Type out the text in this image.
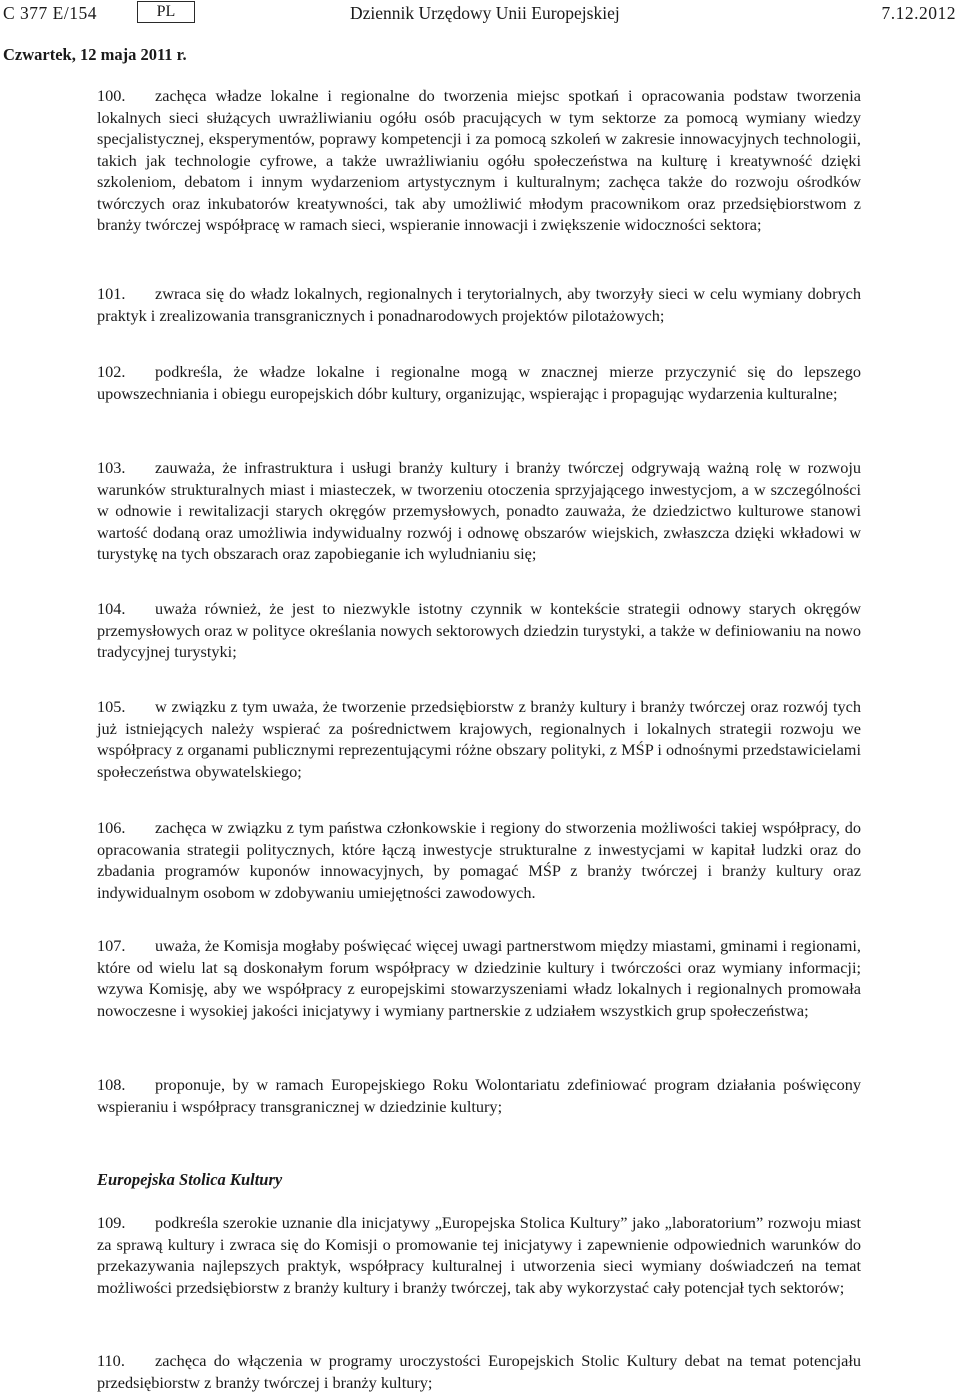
C 377 E/154	PL	Dziennik Urzędowy Unii Europejskiej	7.12.2012
Czwartek, 12 maja 2011 r.

100. zachęca władze lokalne i regionalne do tworzenia miejsc spotkań i opracowania podstaw tworzenia lokalnych sieci służących uwrażliwianiu ogółu osób pracujących w tym sektorze za pomocą wymiany wiedzy specjalistycznej, eksperymentów, poprawy kompetencji i za pomocą szkoleń w zakresie innowacyjnych technologii, takich jak technologie cyfrowe, a także uwrażliwianiu ogółu społeczeństwa na kulturę i kreatywność dzięki szkoleniom, debatom i innym wydarzeniom artystycznym i kulturalnym; zachęca także do rozwoju ośrodków twórczych oraz inkubatorów kreatywności, tak aby umożliwić młodym pracownikom oraz przedsiębiorstwom z branży twórczej współpracę w ramach sieci, wspieranie innowacji i zwiększenie widoczności sektora;

101. zwraca się do władz lokalnych, regionalnych i terytorialnych, aby tworzyły sieci w celu wymiany dobrych praktyk i zrealizowania transgranicznych i ponadnarodowych projektów pilotażowych;

102. podkreśla, że władze lokalne i regionalne mogą w znacznej mierze przyczynić się do lepszego upowszechniania i obiegu europejskich dóbr kultury, organizując, wspierając i propagując wydarzenia kulturalne;

103. zauważa, że infrastruktura i usługi branży kultury i branży twórczej odgrywają ważną rolę w rozwoju warunków strukturalnych miast i miasteczek, w tworzeniu otoczenia sprzyjającego inwestycjom, a w szczególności w odnowie i rewitalizacji starych okręgów przemysłowych, ponadto zauważa, że dziedzictwo kulturowe stanowi wartość dodaną oraz umożliwia indywidualny rozwój i odnowę obszarów wiejskich, zwłaszcza dzięki wkładowi w turystykę na tych obszarach oraz zapobieganie ich wyludnianiu się;

104. uważa również, że jest to niezwykle istotny czynnik w kontekście strategii odnowy starych okręgów przemysłowych oraz w polityce określania nowych sektorowych dziedzin turystyki, a także w definiowaniu na nowo tradycyjnej turystyki;

105. w związku z tym uważa, że tworzenie przedsiębiorstw z branży kultury i branży twórczej oraz rozwój tych już istniejących należy wspierać za pośrednictwem krajowych, regionalnych i lokalnych strategii rozwoju we współpracy z organami publicznymi reprezentującymi różne obszary polityki, z MŚP i odnośnymi przedstawicielami społeczeństwa obywatelskiego;

106. zachęca w związku z tym państwa członkowskie i regiony do stworzenia możliwości takiej współpracy, do opracowania strategii politycznych, które łączą inwestycje strukturalne z inwestycjami w kapitał ludzki oraz do zbadania programów kuponów innowacyjnych, by pomagać MŚP z branży twórczej i branży kultury oraz indywidualnym osobom w zdobywaniu umiejętności zawodowych.

107. uważa, że Komisja mogłaby poświęcać więcej uwagi partnerstwom między miastami, gminami i regionami, które od wielu lat są doskonałym forum współpracy w dziedzinie kultury i twórczości oraz wymiany informacji; wzywa Komisję, aby we współpracy z europejskimi stowarzyszeniami władz lokalnych i regionalnych promowała nowoczesne i wysokiej jakości inicjatywy i wymiany partnerskie z udziałem wszystkich grup społeczeństwa;

108. proponuje, by w ramach Europejskiego Roku Wolontariatu zdefiniować program działania poświęcony wspieraniu i współpracy transgranicznej w dziedzinie kultury;

Europejska Stolica Kultury

109. podkreśla szerokie uznanie dla inicjatywy „Europejska Stolica Kultury” jako „laboratorium” rozwoju miast za sprawą kultury i zwraca się do Komisji o promowanie tej inicjatywy i zapewnienie odpowiednich warunków do przekazywania najlepszych praktyk, współpracy kulturalnej i utworzenia sieci wymiany doświadczeń na temat możliwości przedsiębiorstw z branży kultury i branży twórczej, tak aby wykorzystać cały potencjał tych sektorów;

110. zachęca do włączenia w programy uroczystości Europejskich Stolic Kultury debat na temat potencjału przedsiębiorstw z branży twórczej i branży kultury;
